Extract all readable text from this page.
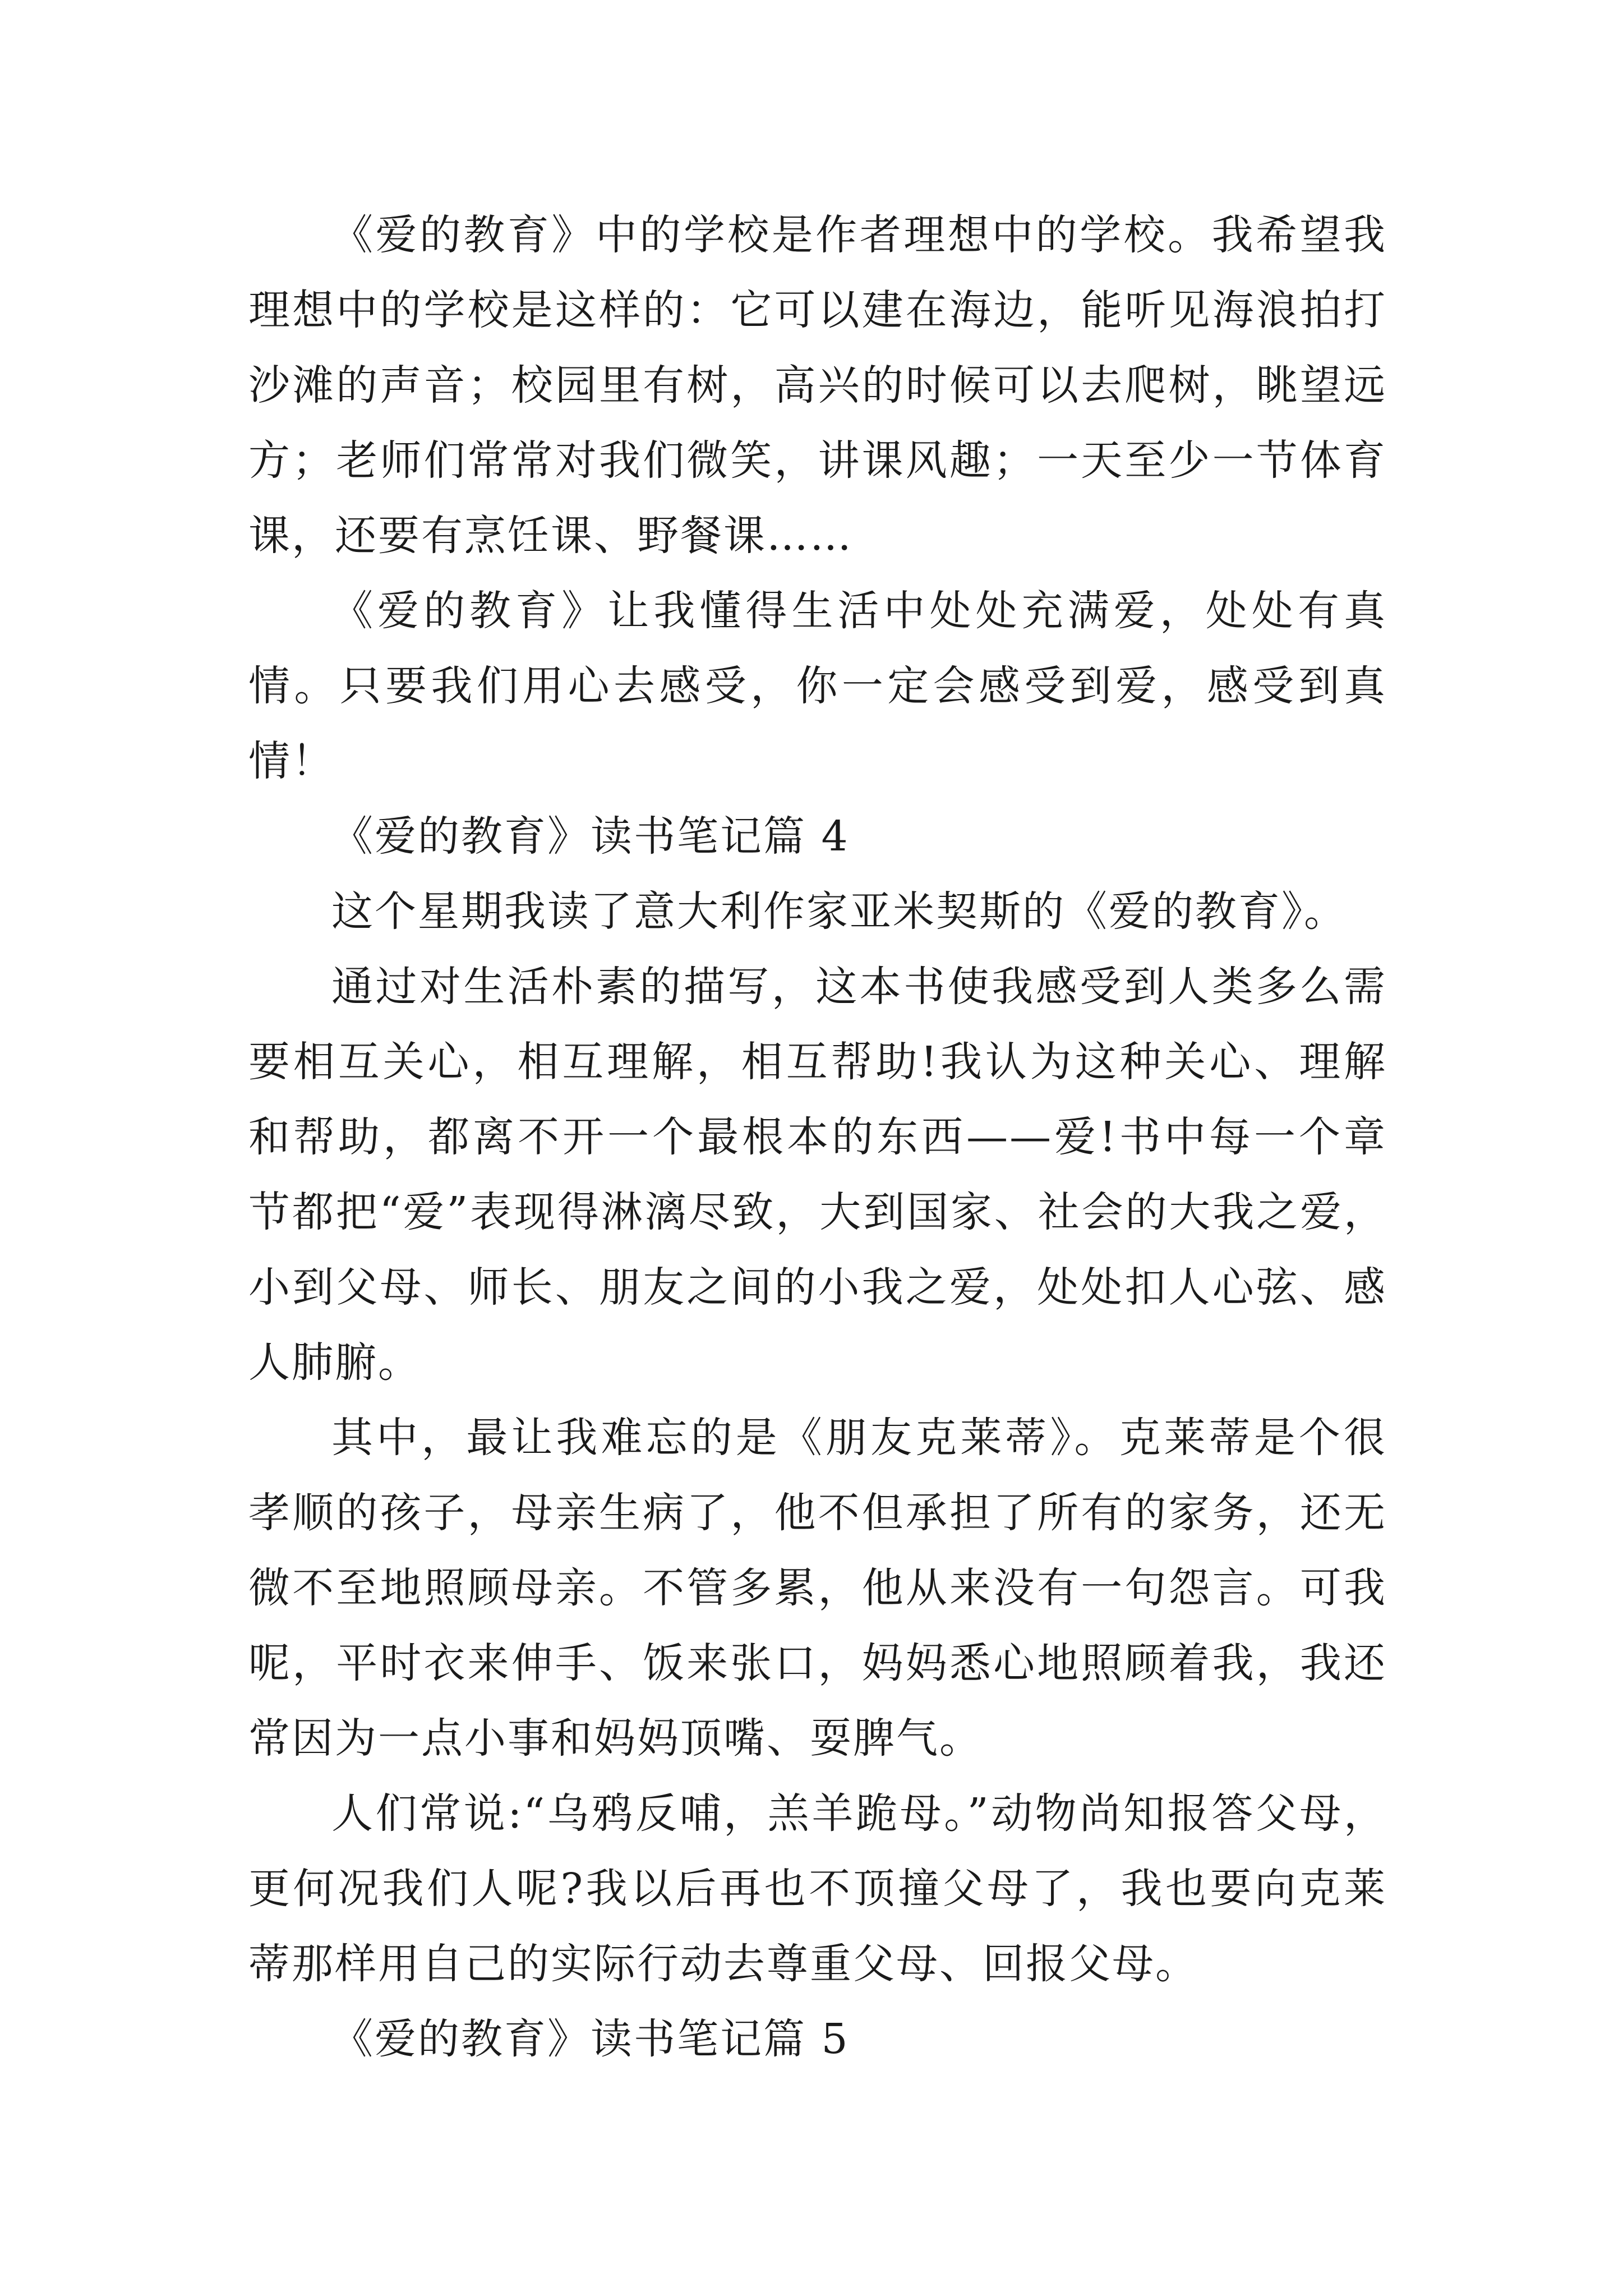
《爱的教育》中的学校是作者理想中的学校。我希望我理想中的学校是这样的：它可以建在海边，能听见海浪拍打沙滩的声音；校园里有树，高兴的时候可以去爬树，眺望远方；老师们常常对我们微笑，讲课风趣；一天至少一节体育课，还要有烹饪课、野餐课……

《爱的教育》让我懂得生活中处处充满爱，处处有真情。只要我们用心去感受，你一定会感受到爱，感受到真情！

《爱的教育》读书笔记篇 4

这个星期我读了意大利作家亚米契斯的《爱的教育》。

通过对生活朴素的描写，这本书使我感受到人类多么需要相互关心，相互理解，相互帮助!我认为这种关心、理解和帮助，都离不开一个最根本的东西——爱!书中每一个章节都把“爱”表现得淋漓尽致，大到国家、社会的大我之爱，小到父母、师长、朋友之间的小我之爱，处处扣人心弦、感人肺腑。

其中，最让我难忘的是《朋友克莱蒂》。克莱蒂是个很孝顺的孩子，母亲生病了，他不但承担了所有的家务，还无微不至地照顾母亲。不管多累，他从来没有一句怨言。可我呢，平时衣来伸手、饭来张口，妈妈悉心地照顾着我，我还常因为一点小事和妈妈顶嘴、耍脾气。

人们常说:“乌鸦反哺，羔羊跪母。”动物尚知报答父母，更何况我们人呢?我以后再也不顶撞父母了，我也要向克莱蒂那样用自己的实际行动去尊重父母、回报父母。

《爱的教育》读书笔记篇 5
